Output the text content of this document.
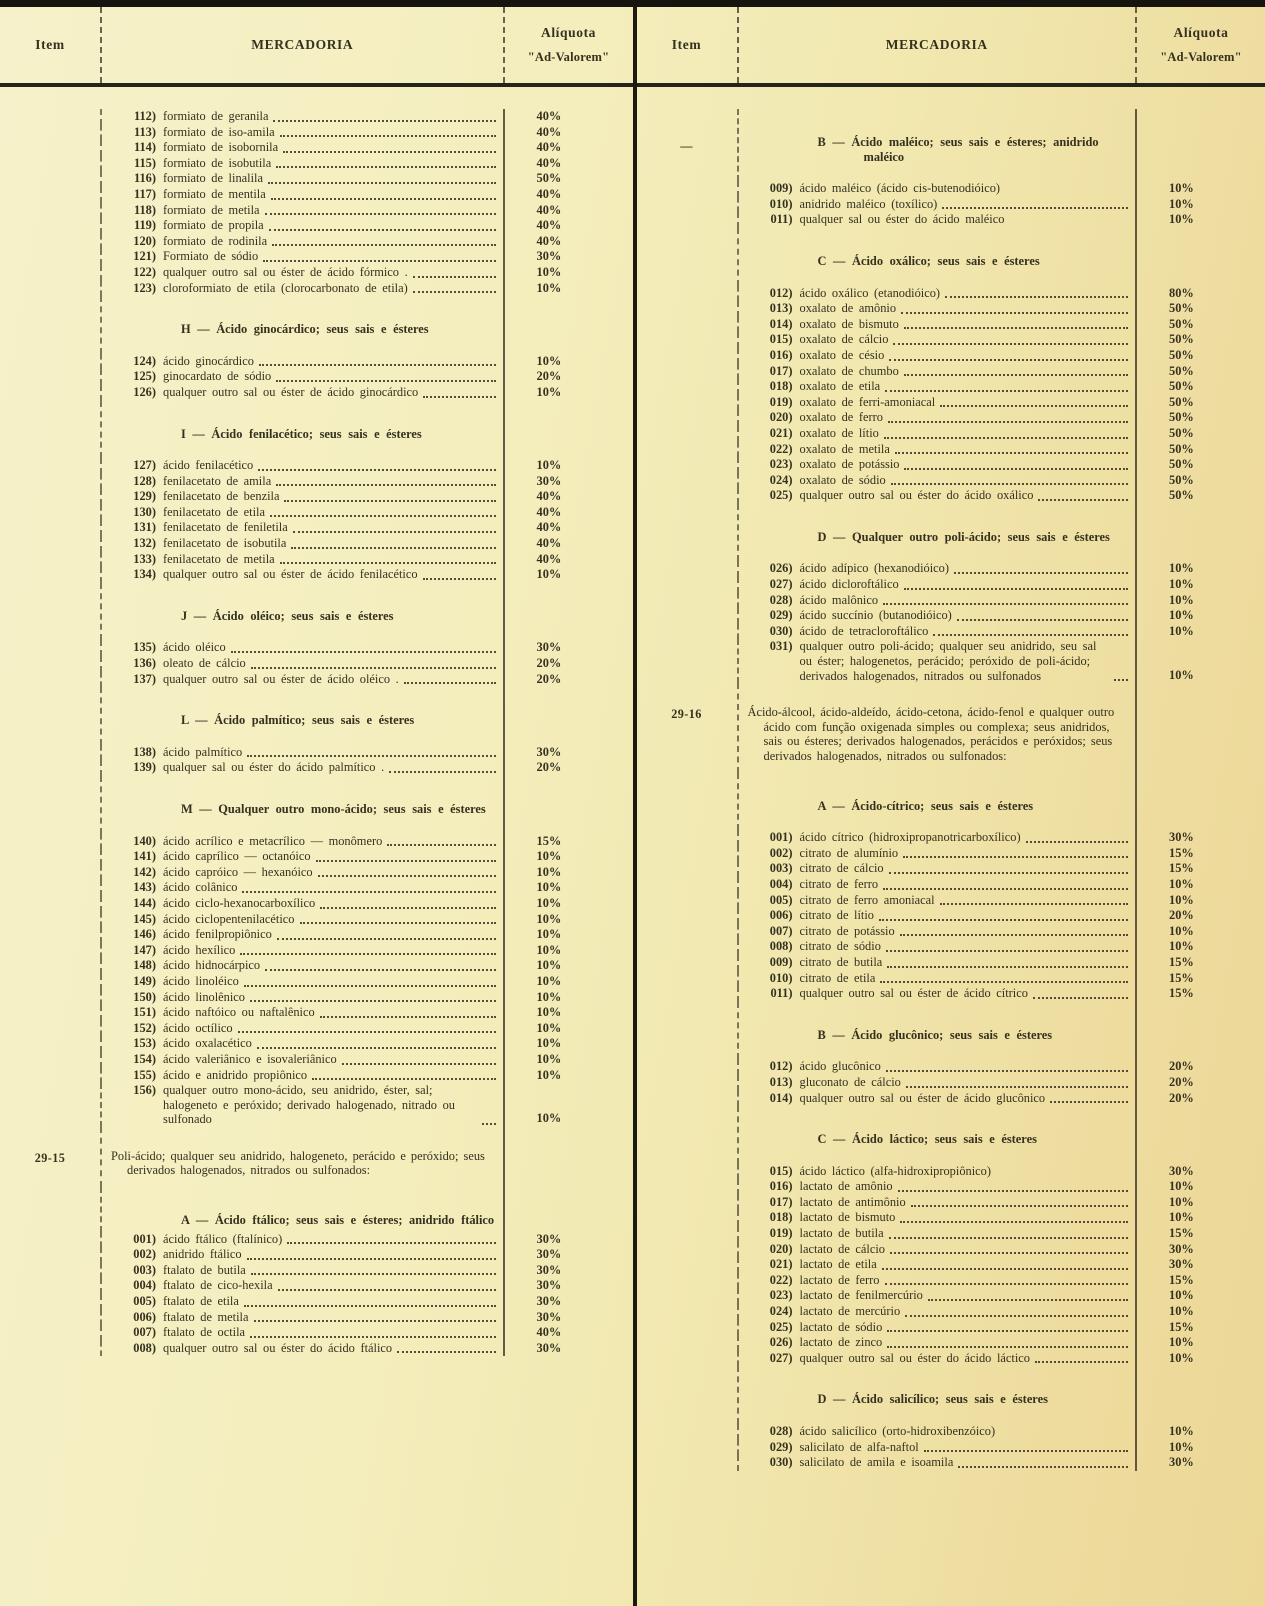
Item	MERCADORIA
Alíquota
"Ad-Valorem"
112) formiato de geranila	40%
113) formiato de iso-amila	40%
114) formiato de isobornila	40%
115) formiato de isobutila	40%
116) formiato de linalila	50%
117) formiato de mentila	40%
118) formiato de metila	40%
119) formiato de propila	40%
120) formiato de rodinila	40%
121) Formiato de sódio	30%
122) qualquer outro sal ou éster de ácido fórmico .	10%
123) cloroformiato de etila (clorocarbonato de etila)	10%
H — Ácido ginocárdico; seus sais e ésteres
124) ácido ginocárdico	10%
125) ginocardato de sódio	20%
126) qualquer outro sal ou éster de ácido ginocárdico	10%
I — Ácido fenilacético; seus sais e ésteres
127) ácido fenilacético	10%
128) fenilacetato de amila	30%
129) fenilacetato de benzila	40%
130) fenilacetato de etila	40%
131) fenilacetato de feniletila	40%
132) fenilacetato de isobutila	40%
133) fenilacetato de metila	40%
134) qualquer outro sal ou éster de ácido fenilacético	10%
J — Ácido oléico; seus sais e ésteres
135) ácido oléico	30%
136) oleato de cálcio	20%
137) qualquer outro sal ou éster de ácido oléico .	20%
L — Ácido palmítico; seus sais e ésteres
138) ácido palmítico	30%
139) qualquer sal ou éster do ácido palmítico .	20%
M — Qualquer outro mono-ácido; seus sais e ésteres
140) ácido acrílico e metacrílico — monômero	15%
141) ácido caprílico — octanóico	10%
142) ácido capróico — hexanóico	10%
143) ácido colânico	10%
144) ácido ciclo-hexanocarboxílico	10%
145) ácido ciclopentenilacético	10%
146) ácido fenilpropiônico	10%
147) ácido hexílico	10%
148) ácido hidnocárpico	10%
149) ácido linoléico	10%
150) ácido linolênico	10%
151) ácido naftóico ou naftalênico	10%
152) ácido octílico	10%
153) ácido oxalacético	10%
154) ácido valeriânico e isovaleriânico	10%
155) ácido e anidrido propiônico	10%
156) qualquer outro mono-ácido, seu anidrido, éster, sal; halogeneto e peróxido; derivado halogenado, nitrado ou sulfonado	10%
29-15	Poli-ácido; qualquer seu anidrido, halogeneto, perácido e peróxido; seus derivados halogenados, nitrados ou sulfonados:
A — Ácido ftálico; seus sais e ésteres; anidrido ftálico
001) ácido ftálico (ftalínico)	30%
002) anidrido ftálico	30%
003) ftalato de butila	30%
004) ftalato de cico-hexila	30%
005) ftalato de etila	30%
006) ftalato de metila	30%
007) ftalato de octila	40%
008) qualquer outro sal ou éster do ácido ftálico	30%
Item	MERCADORIA
Alíquota
"Ad-Valorem"
—	B — Ácido maléico; seus sais e ésteres; anidrido maléico
009) ácido maléico (ácido cis-butenodióico)	10%
010) anidrido maléico (toxílico)	10%
011) qualquer sal ou éster do ácido maléico	10%
C — Ácido oxálico; seus sais e ésteres
012) ácido oxálico (etanodióico)	80%
013) oxalato de amônio	50%
014) oxalato de bismuto	50%
015) oxalato de cálcio	50%
016) oxalato de césio	50%
017) oxalato de chumbo	50%
018) oxalato de etila	50%
019) oxalato de ferri-amoniacal	50%
020) oxalato de ferro	50%
021) oxalato de lítio	50%
022) oxalato de metila	50%
023) oxalato de potássio	50%
024) oxalato de sódio	50%
025) qualquer outro sal ou éster do ácido oxálico	50%
D — Qualquer outro poli-ácido; seus sais e ésteres
026) ácido adípico (hexanodióico)	10%
027) ácido dicloroftálico	10%
028) ácido malônico	10%
029) ácido succínio (butanodióico)	10%
030) ácido de tetracloroftálico	10%
031) qualquer outro poli-ácido; qualquer seu anidrido, seu sal ou éster; halogenetos, perácido; peróxido de poli-ácido; derivados halogenados, nitrados ou sulfonados	10%
29-16	Ácido-álcool, ácido-aldeído, ácido-cetona, ácido-fenol e qualquer outro ácido com função oxigenada simples ou complexa; seus anidridos, sais ou ésteres; derivados halogenados, perácidos e peróxidos; seus derivados halogenados, nitrados ou sulfonados:
A — Ácido-cítrico; seus sais e ésteres
001) ácido cítrico (hidroxipropanotricarboxílico)	30%
002) citrato de alumínio	15%
003) citrato de cálcio	15%
004) citrato de ferro	10%
005) citrato de ferro amoniacal	10%
006) citrato de lítio	20%
007) citrato de potássio	10%
008) citrato de sódio	10%
009) citrato de butila	15%
010) citrato de etila	15%
011) qualquer outro sal ou éster de ácido cítrico	15%
B — Ácido glucônico; seus sais e ésteres
012) ácido glucônico	20%
013) gluconato de cálcio	20%
014) qualquer outro sal ou éster de ácido glucônico	20%
C — Ácido láctico; seus sais e ésteres
015) ácido láctico (alfa-hidroxipropiônico)	30%
016) lactato de amônio	10%
017) lactato de antimônio	10%
018) lactato de bismuto	10%
019) lactato de butila	15%
020) lactato de cálcio	30%
021) lactato de etila	30%
022) lactato de ferro	15%
023) lactato de fenilmercúrio	10%
024) lactato de mercúrio	10%
025) lactato de sódio	15%
026) lactato de zinco	10%
027) qualquer outro sal ou éster do ácido láctico	10%
D — Ácido salicílico; seus sais e ésteres
028) ácido salicílico (orto-hidroxibenzóico)	10%
029) salicilato de alfa-naftol	10%
030) salicilato de amila e isoamila	30%
